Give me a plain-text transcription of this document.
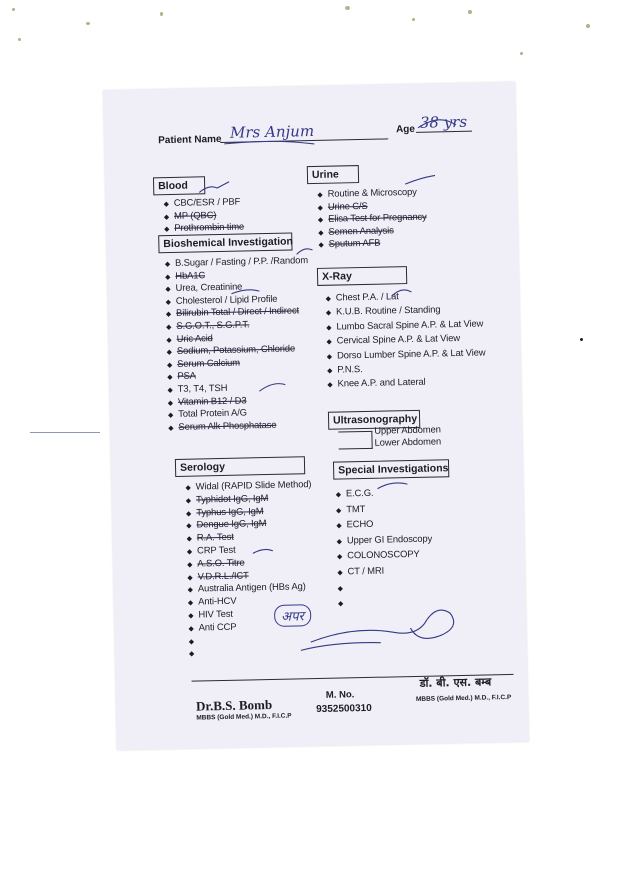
Patient Name Mrs Anjum	Age 38 yrs
Blood
◆ CBC/ESR / PBF
◆ MP (QBC)
◆ Prothrombin time
Bioshemical Investigation
◆ B.Sugar / Fasting / P.P. /Random
◆ HbA1C
◆ Urea, Creatinine
◆ Cholesterol / Lipid Profile
◆ Bilirubin Total / Direct / Indirect
◆ S.G.O.T., S.G.P.T.
◆ Uric Acid
◆ Sodium, Potassium, Chloride
◆ Serum Calcium
◆ PSA
◆ T3, T4, TSH
◆ Vitamin B12 / D3
◆ Total Protein A/G
◆ Serum Alk Phosphatase
Serology
◆ Widal (RAPID Slide Method)
◆ Typhidot IgG, IgM
◆ Typhus IgG, IgM
◆ Dengue IgG, IgM
◆ R.A. Test
◆ CRP Test
◆ A.S.O. Titre
◆ V.D.R.L./ICT
◆ Australia Antigen (HBs Ag)
◆ Anti-HCV
◆ HIV Test
◆ Anti CCP
◆
◆
Urine
◆ Routine & Microscopy
◆ Urine C/S
◆ Elisa Test for Pregnancy
◆ Semen Analysis
◆ Sputum AFB
X-Ray
◆ Chest P.A. / Lat
◆ K.U.B. Routine / Standing
◆ Lumbo Sacral Spine A.P. & Lat View
◆ Cervical Spine A.P. & Lat View
◆ Dorso Lumber Spine A.P. & Lat View
◆ P.N.S.
◆ Knee A.P. and Lateral
Ultrasonography
Upper Abdomen
Lower Abdomen
Special Investigations
◆ E.C.G.
◆ TMT
◆ ECHO
◆ Upper GI Endoscopy
◆ COLONOSCOPY
◆ CT / MRI
◆
◆
Dr.B.S. Bomb
MBBS (Gold Med.) M.D., F.I.C.P
M. No.
9352500310
डॉ. बी. एस. बम्ब
MBBS (Gold Med.) M.D., F.I.C.P
अपर
